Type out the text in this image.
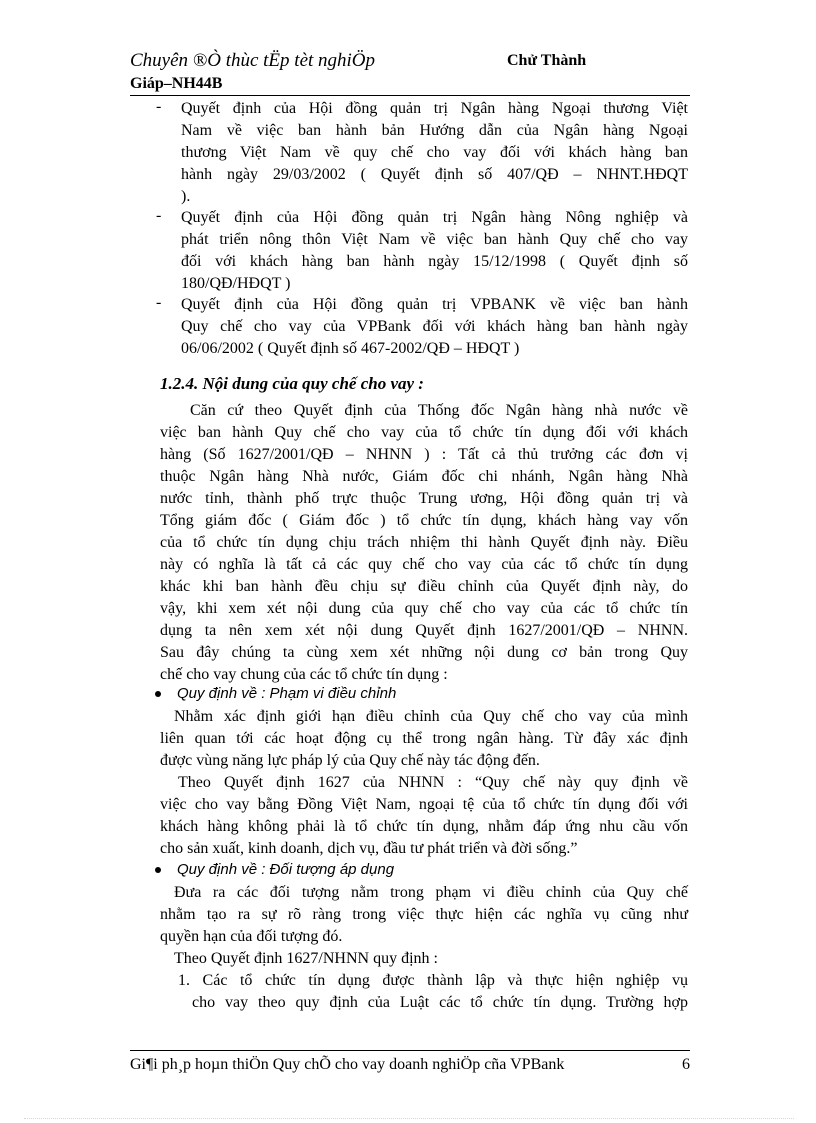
Chuyên ®Ò thùc tËp tèt nghiÖp	Chử Thành
Giáp–NH44B
- Quyết định của Hội đồng quản trị Ngân hàng Ngoại thương Việt
Nam về việc ban hành bản Hướng dẫn của Ngân hàng Ngoại
thương Việt Nam về quy chế cho vay đối với khách hàng ban
hành ngày 29/03/2002 ( Quyết định số 407/QĐ – NHNT.HĐQT
).
- Quyết định của Hội đồng quản trị Ngân hàng Nông nghiệp và
phát triển nông thôn Việt Nam về việc ban hành Quy chế cho vay
đối với khách hàng ban hành ngày 15/12/1998 ( Quyết định số
180/QĐ/HĐQT )
- Quyết định của Hội đồng quản trị VPBANK về việc ban hành
Quy chế cho vay của VPBank đối với khách hàng ban hành ngày
06/06/2002 ( Quyết định số 467-2002/QĐ – HĐQT )
1.2.4. Nội dung của quy chế cho vay :
Căn cứ theo Quyết định của Thống đốc Ngân hàng nhà nước về
việc ban hành Quy chế cho vay của tổ chức tín dụng đối với khách
hàng (Số 1627/2001/QĐ – NHNN ) : Tất cả thủ trưởng các đơn vị
thuộc Ngân hàng Nhà nước, Giám đốc chi nhánh, Ngân hàng Nhà
nước tỉnh, thành phố trực thuộc Trung ương, Hội đồng quản trị và
Tổng giám đốc ( Giám đốc ) tổ chức tín dụng, khách hàng vay vốn
của tổ chức tín dụng chịu trách nhiệm thi hành Quyết định này. Điều
này có nghĩa là tất cả các quy chế cho vay của các tổ chức tín dụng
khác khi ban hành đều chịu sự điều chỉnh của Quyết định này, do
vậy, khi xem xét nội dung của quy chế cho vay của các tổ chức tín
dụng ta nên xem xét nội dung Quyết định 1627/2001/QĐ – NHNN.
Sau đây chúng ta cùng xem xét những nội dung cơ bản trong Quy
chế cho vay chung của các tổ chức tín dụng :
Quy định về : Phạm vi điều chỉnh
Nhằm xác định giới hạn điều chỉnh của Quy chế cho vay của mình
liên quan tới các hoạt động cụ thể trong ngân hàng. Từ đây xác định
được vùng năng lực pháp lý của Quy chế này tác động đến.
Theo Quyết định 1627 của NHNN : “Quy chế này quy định về
việc cho vay bằng Đồng Việt Nam, ngoại tệ của tổ chức tín dụng đối với
khách hàng không phải là tổ chức tín dụng, nhằm đáp ứng nhu cầu vốn
cho sản xuất, kinh doanh, dịch vụ, đầu tư phát triển và đời sống.”
Quy định về : Đối tượng áp dụng
Đưa ra các đối tượng nằm trong phạm vi điều chỉnh của Quy chế
nhằm tạo ra sự rõ ràng trong việc thực hiện các nghĩa vụ cũng như
quyền hạn của đối tượng đó.
Theo Quyết định 1627/NHNN quy định :
1. Các tổ chức tín dụng được thành lập và thực hiện nghiệp vụ
cho vay theo quy định của Luật các tổ chức tín dụng. Trường hợp
Gi¶i ph¸p hoµn thiÖn Quy chÕ cho vay doanh nghiÖp cña VPBank	6
